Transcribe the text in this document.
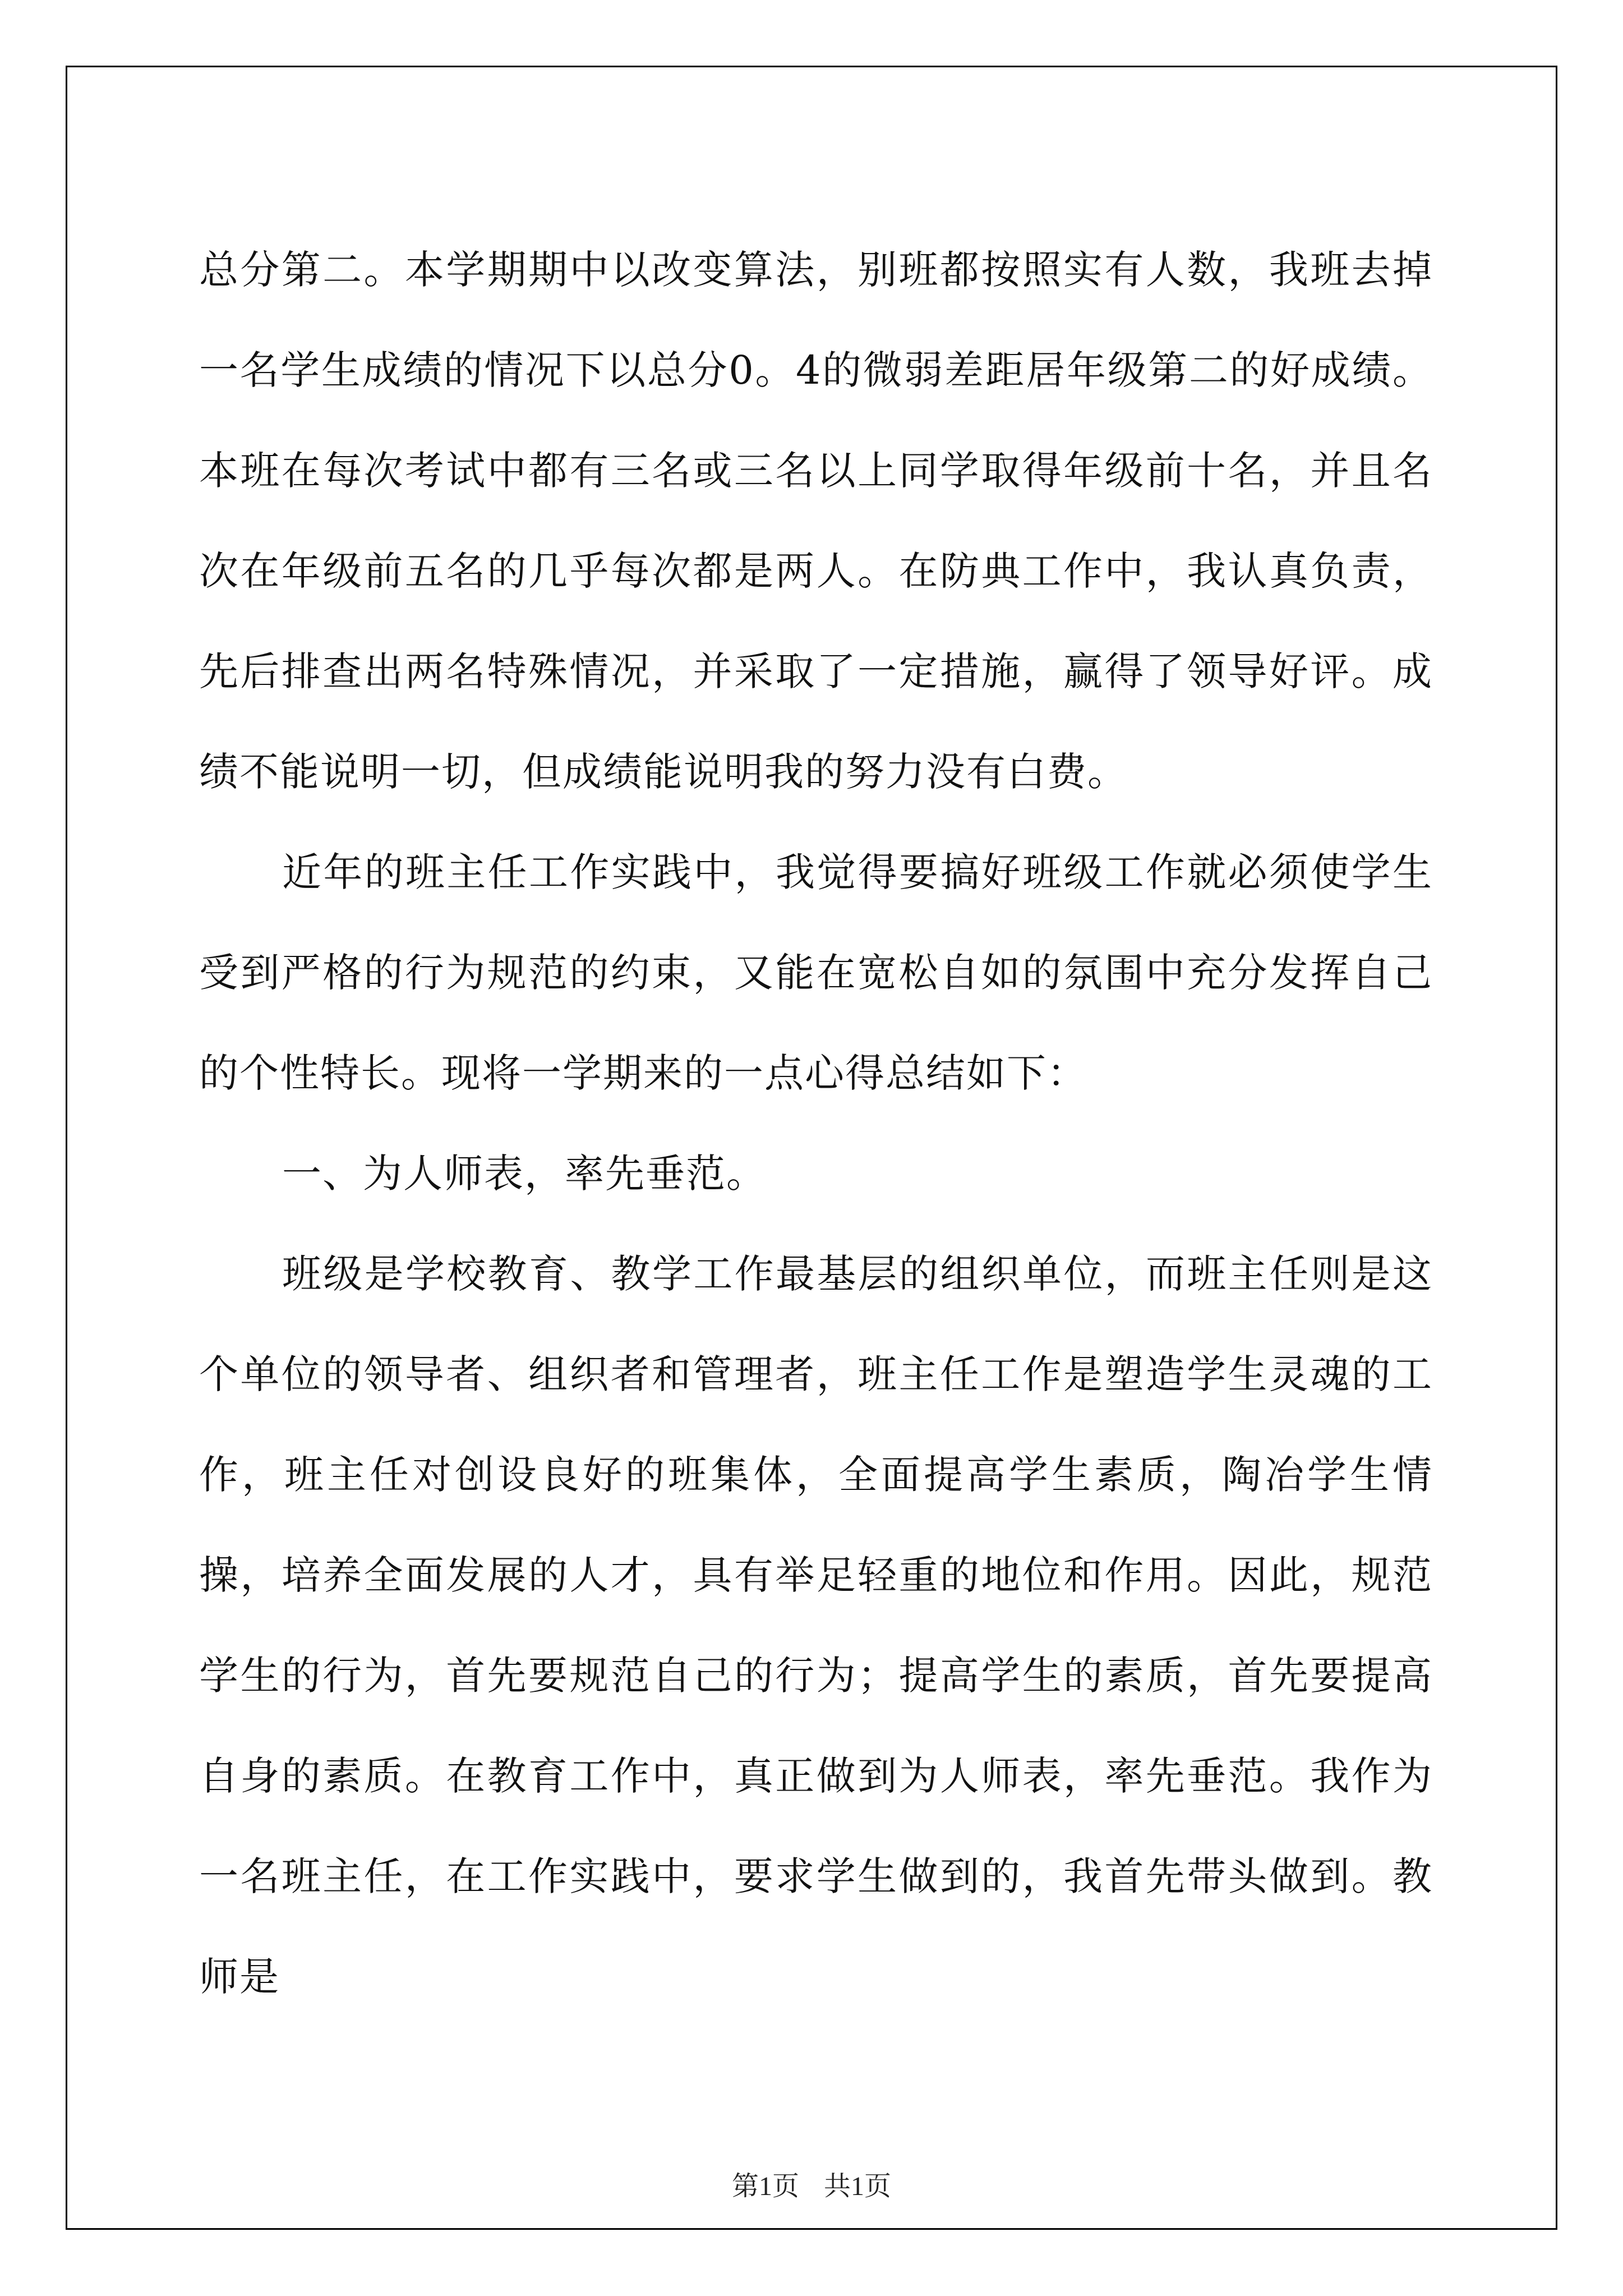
总分第二。本学期期中以改变算法，别班都按照实有人数，我班去掉一名学生成绩的情况下以总分0。4的微弱差距居年级第二的好成绩。本班在每次考试中都有三名或三名以上同学取得年级前十名，并且名次在年级前五名的几乎每次都是两人。在防典工作中，我认真负责，先后排查出两名特殊情况，并采取了一定措施，赢得了领导好评。成绩不能说明一切，但成绩能说明我的努力没有白费。

近年的班主任工作实践中，我觉得要搞好班级工作就必须使学生受到严格的行为规范的约束，又能在宽松自如的氛围中充分发挥自己的个性特长。现将一学期来的一点心得总结如下：

一、为人师表，率先垂范。

班级是学校教育、教学工作最基层的组织单位，而班主任则是这个单位的领导者、组织者和管理者，班主任工作是塑造学生灵魂的工作，班主任对创设良好的班集体，全面提高学生素质，陶冶学生情操，培养全面发展的人才，具有举足轻重的地位和作用。因此，规范学生的行为，首先要规范自己的行为；提高学生的素质，首先要提高自身的素质。在教育工作中，真正做到为人师表，率先垂范。我作为一名班主任，在工作实践中，要求学生做到的，我首先带头做到。教师是

第1页 共1页
